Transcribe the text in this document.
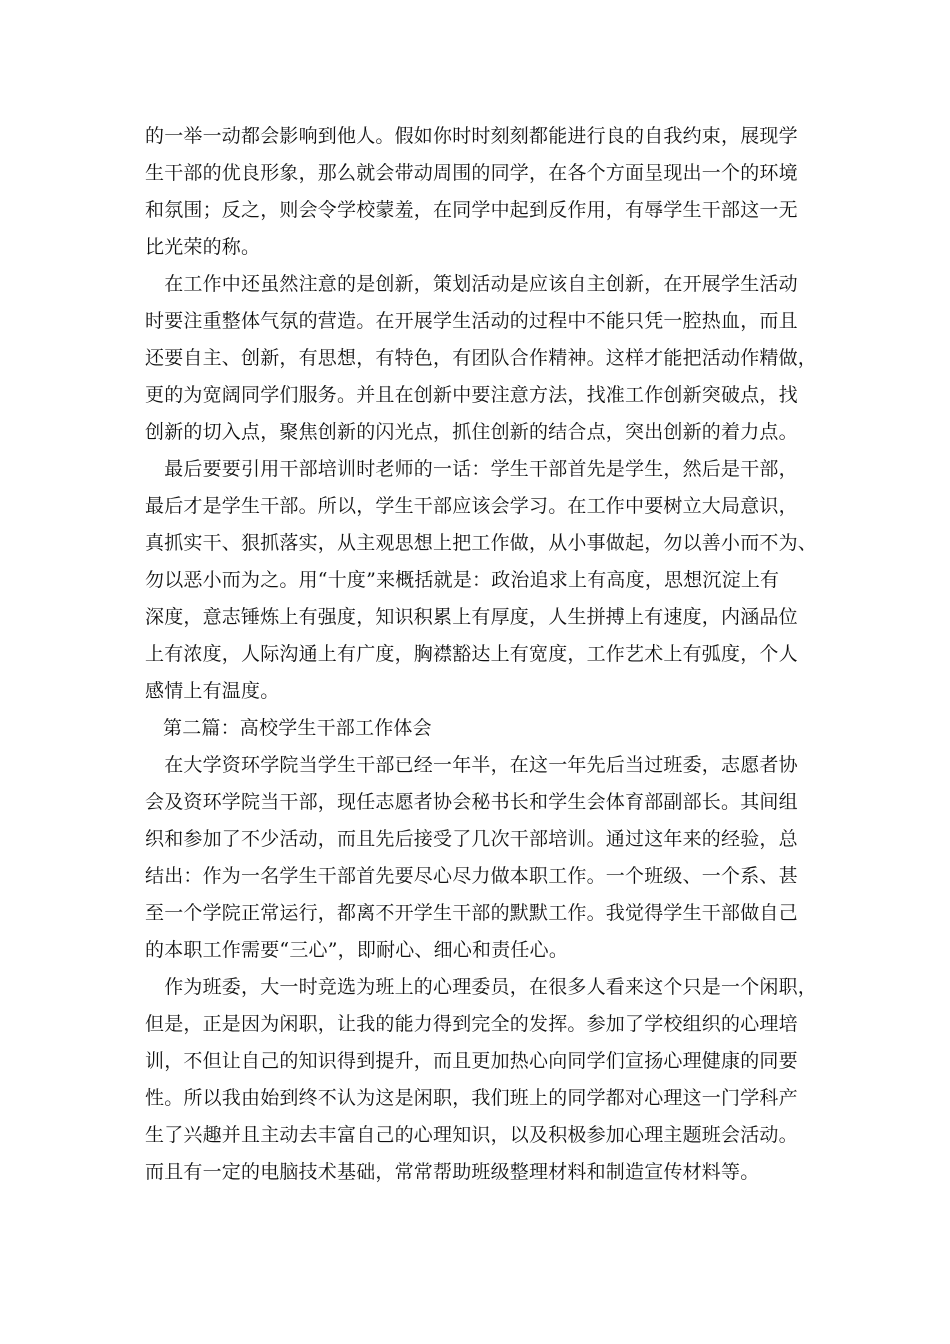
的一举一动都会影响到他人。假如你时时刻刻都能进行良的自我约束，展现学
生干部的优良形象，那么就会带动周围的同学，在各个方面呈现出一个的环境
和氛围；反之，则会令学校蒙羞，在同学中起到反作用，有辱学生干部这一无
比光荣的称。
　在工作中还虽然注意的是创新，策划活动是应该自主创新，在开展学生活动
时要注重整体气氛的营造。在开展学生活动的过程中不能只凭一腔热血，而且
还要自主、创新，有思想，有特色，有团队合作精神。这样才能把活动作精做，
更的为宽阔同学们服务。并且在创新中要注意方法，找准工作创新突破点，找
创新的切入点，聚焦创新的闪光点，抓住创新的结合点，突出创新的着力点。
　最后要要引用干部培训时老师的一话：学生干部首先是学生，然后是干部，
最后才是学生干部。所以，学生干部应该会学习。在工作中要树立大局意识，
真抓实干、狠抓落实，从主观思想上把工作做，从小事做起，勿以善小而不为、
勿以恶小而为之。用“十度”来概括就是：政治追求上有高度，思想沉淀上有
深度，意志锤炼上有强度，知识积累上有厚度，人生拼搏上有速度，内涵品位
上有浓度，人际沟通上有广度，胸襟豁达上有宽度，工作艺术上有弧度，个人
感情上有温度。
第二篇：高校学生干部工作体会
　在大学资环学院当学生干部已经一年半，在这一年先后当过班委，志愿者协
会及资环学院当干部，现任志愿者协会秘书长和学生会体育部副部长。其间组
织和参加了不少活动，而且先后接受了几次干部培训。通过这年来的经验，总
结出：作为一名学生干部首先要尽心尽力做本职工作。一个班级、一个系、甚
至一个学院正常运行，都离不开学生干部的默默工作。我觉得学生干部做自己
的本职工作需要“三心”，即耐心、细心和责任心。
　作为班委，大一时竞选为班上的心理委员，在很多人看来这个只是一个闲职，
但是，正是因为闲职，让我的能力得到完全的发挥。参加了学校组织的心理培
训，不但让自己的知识得到提升，而且更加热心向同学们宣扬心理健康的同要
性。所以我由始到终不认为这是闲职，我们班上的同学都对心理这一门学科产
生了兴趣并且主动去丰富自己的心理知识，以及积极参加心理主题班会活动。
而且有一定的电脑技术基础，常常帮助班级整理材料和制造宣传材料等。
